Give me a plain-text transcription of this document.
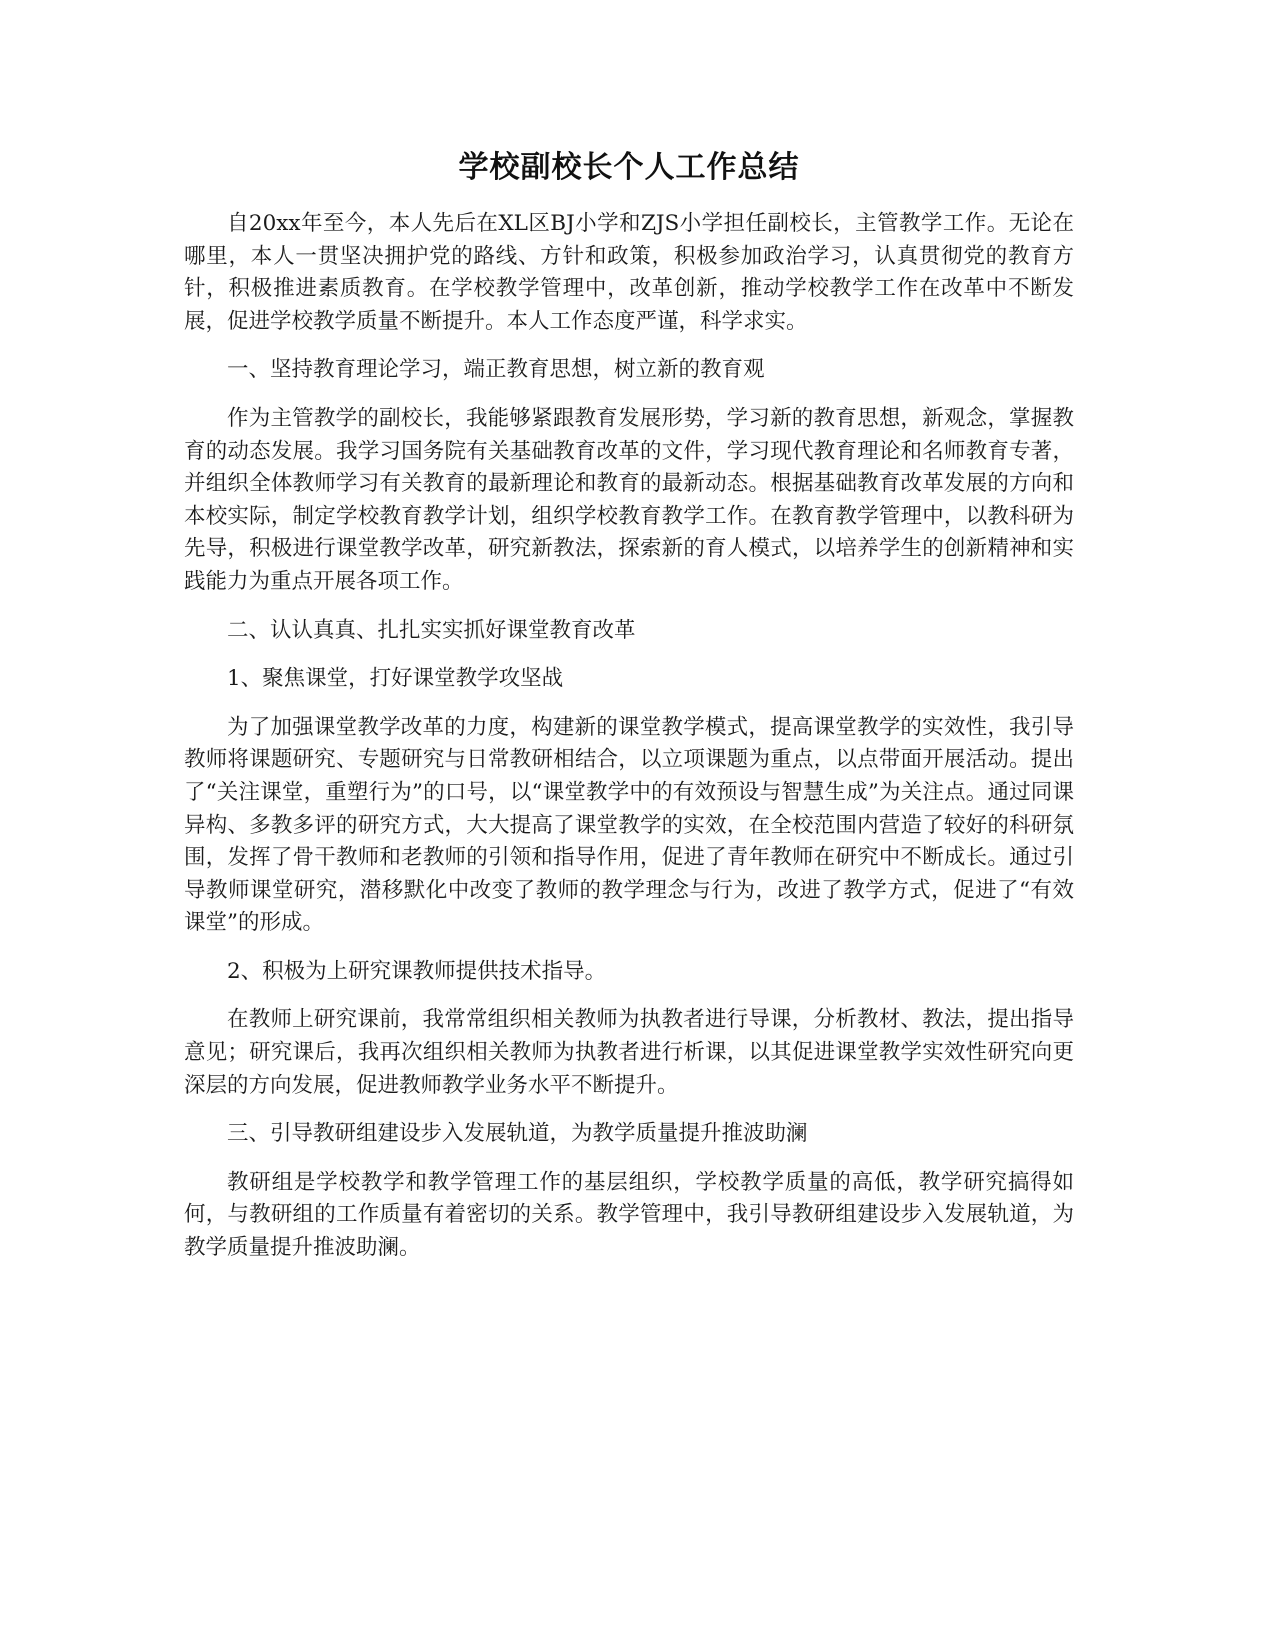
学校副校长个人工作总结

自20xx年至今，本人先后在XL区BJ小学和ZJS小学担任副校长，主管教学工作。无论在哪里，本人一贯坚决拥护党的路线、方针和政策，积极参加政治学习，认真贯彻党的教育方针，积极推进素质教育。在学校教学管理中，改革创新，推动学校教学工作在改革中不断发展，促进学校教学质量不断提升。本人工作态度严谨，科学求实。

一、坚持教育理论学习，端正教育思想，树立新的教育观

作为主管教学的副校长，我能够紧跟教育发展形势，学习新的教育思想，新观念，掌握教育的动态发展。我学习国务院有关基础教育改革的文件，学习现代教育理论和名师教育专著，并组织全体教师学习有关教育的最新理论和教育的最新动态。根据基础教育改革发展的方向和本校实际，制定学校教育教学计划，组织学校教育教学工作。在教育教学管理中，以教科研为先导，积极进行课堂教学改革，研究新教法，探索新的育人模式，以培养学生的创新精神和实践能力为重点开展各项工作。

二、认认真真、扎扎实实抓好课堂教育改革

1、聚焦课堂，打好课堂教学攻坚战

为了加强课堂教学改革的力度，构建新的课堂教学模式，提高课堂教学的实效性，我引导教师将课题研究、专题研究与日常教研相结合，以立项课题为重点，以点带面开展活动。提出了“关注课堂，重塑行为”的口号，以“课堂教学中的有效预设与智慧生成”为关注点。通过同课异构、多教多评的研究方式，大大提高了课堂教学的实效，在全校范围内营造了较好的科研氛围，发挥了骨干教师和老教师的引领和指导作用，促进了青年教师在研究中不断成长。通过引导教师课堂研究，潜移默化中改变了教师的教学理念与行为，改进了教学方式，促进了“有效课堂”的形成。

2、积极为上研究课教师提供技术指导。

在教师上研究课前，我常常组织相关教师为执教者进行导课，分析教材、教法，提出指导意见；研究课后，我再次组织相关教师为执教者进行析课，以其促进课堂教学实效性研究向更深层的方向发展，促进教师教学业务水平不断提升。

三、引导教研组建设步入发展轨道，为教学质量提升推波助澜

教研组是学校教学和教学管理工作的基层组织，学校教学质量的高低，教学研究搞得如何，与教研组的工作质量有着密切的关系。教学管理中，我引导教研组建设步入发展轨道，为教学质量提升推波助澜。
